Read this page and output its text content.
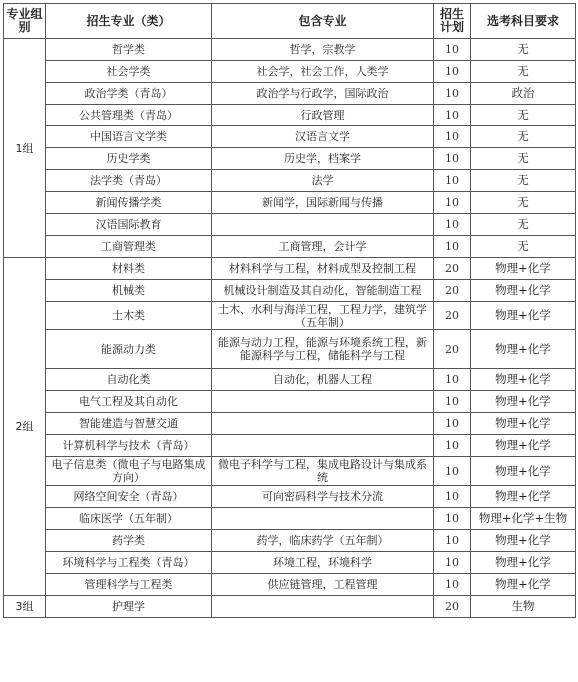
专业组别	招生专业（类）	包含专业	招生计划	选考科目要求
1组	哲学类	哲学，宗教学	10	无
	社会学类	社会学，社会工作，人类学	10	无
	政治学类（青岛）	政治学与行政学，国际政治	10	政治
	公共管理类（青岛）	行政管理	10	无
	中国语言文学类	汉语言文学	10	无
	历史学类	历史学，档案学	10	无
	法学类（青岛）	法学	10	无
	新闻传播学类	新闻学，国际新闻与传播	10	无
	汉语国际教育		10	无
	工商管理类	工商管理，会计学	10	无
2组	材料类	材料科学与工程，材料成型及控制工程	20	物理+化学
	机械类	机械设计制造及其自动化，智能制造工程	20	物理+化学
	土木类	土木、水利与海洋工程，工程力学，建筑学（五年制）	20	物理+化学
	能源动力类	能源与动力工程，能源与环境系统工程，新能源科学与工程，储能科学与工程	20	物理+化学
	自动化类	自动化，机器人工程	10	物理+化学
	电气工程及其自动化		10	物理+化学
	智能建造与智慧交通		10	物理+化学
	计算机科学与技术（青岛）		10	物理+化学
	电子信息类（微电子与电路集成方向）	微电子科学与工程，集成电路设计与集成系统	10	物理+化学
	网络空间安全（青岛）	可向密码科学与技术分流	10	物理+化学
	临床医学（五年制）		10	物理+化学+生物
	药学类	药学，临床药学（五年制）	10	物理+化学
	环境科学与工程类（青岛）	环境工程，环境科学	10	物理+化学
	管理科学与工程类	供应链管理，工程管理	10	物理+化学
3组	护理学		20	生物
